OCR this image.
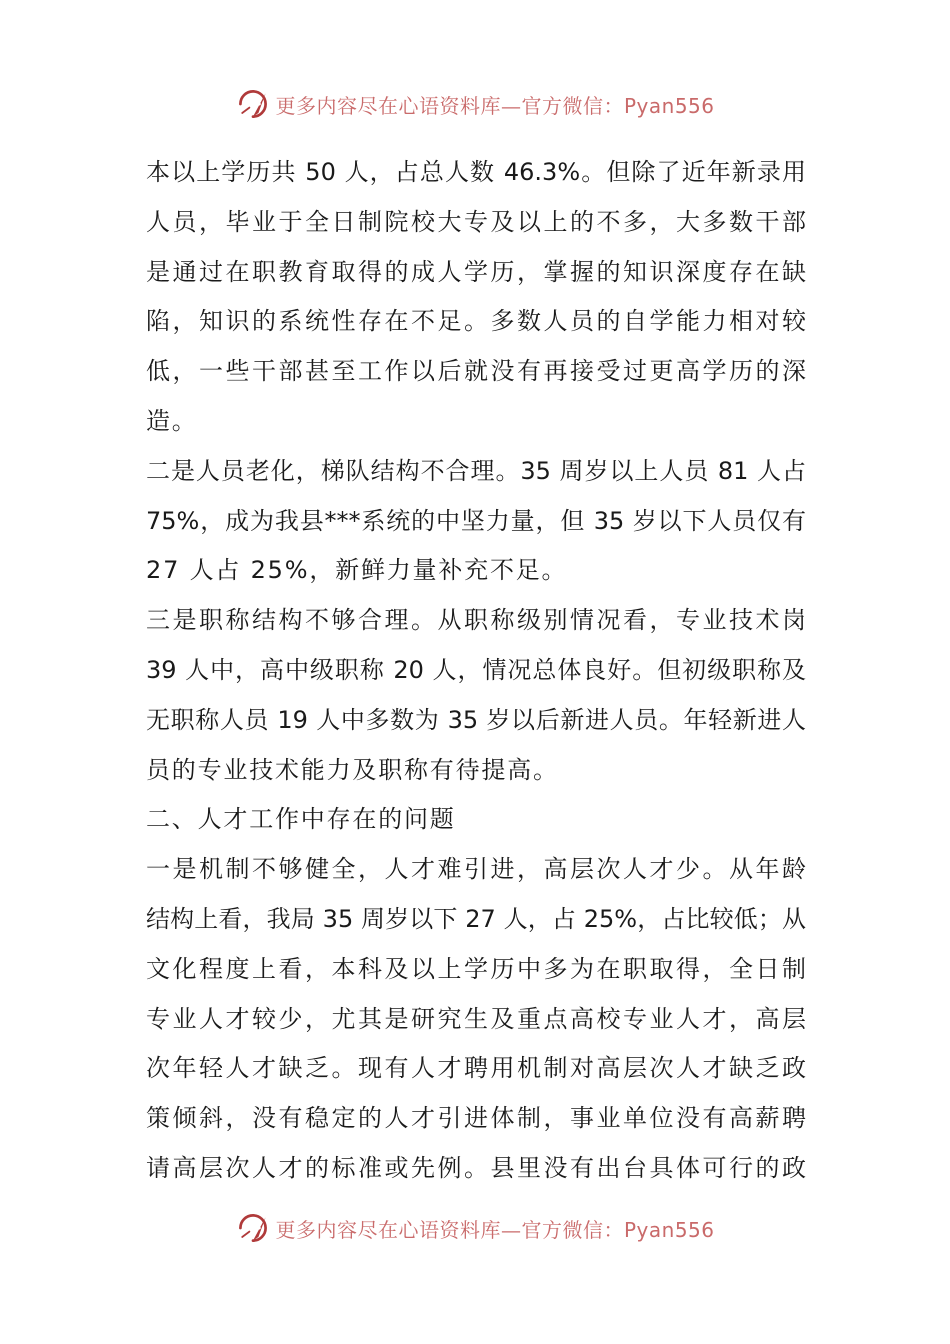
更多内容尽在心语资料库—官方微信：Pyan556
本以上学历共 50 人，占总人数 46.3%。但除了近年新录用
人员，毕业于全日制院校大专及以上的不多，大多数干部
是通过在职教育取得的成人学历，掌握的知识深度存在缺
陷，知识的系统性存在不足。多数人员的自学能力相对较
低，一些干部甚至工作以后就没有再接受过更高学历的深
造。
二是人员老化，梯队结构不合理。35 周岁以上人员 81 人占
75%，成为我县***系统的中坚力量，但 35 岁以下人员仅有
27 人占 25%，新鲜力量补充不足。
三是职称结构不够合理。从职称级别情况看，专业技术岗
39 人中，高中级职称 20 人，情况总体良好。但初级职称及
无职称人员 19 人中多数为 35 岁以后新进人员。年轻新进人
员的专业技术能力及职称有待提高。
二、人才工作中存在的问题
一是机制不够健全，人才难引进，高层次人才少。从年龄
结构上看，我局 35 周岁以下 27 人，占 25%，占比较低；从
文化程度上看，本科及以上学历中多为在职取得，全日制
专业人才较少，尤其是研究生及重点高校专业人才，高层
次年轻人才缺乏。现有人才聘用机制对高层次人才缺乏政
策倾斜，没有稳定的人才引进体制，事业单位没有高薪聘
请高层次人才的标准或先例。县里没有出台具体可行的政
更多内容尽在心语资料库—官方微信：Pyan556
